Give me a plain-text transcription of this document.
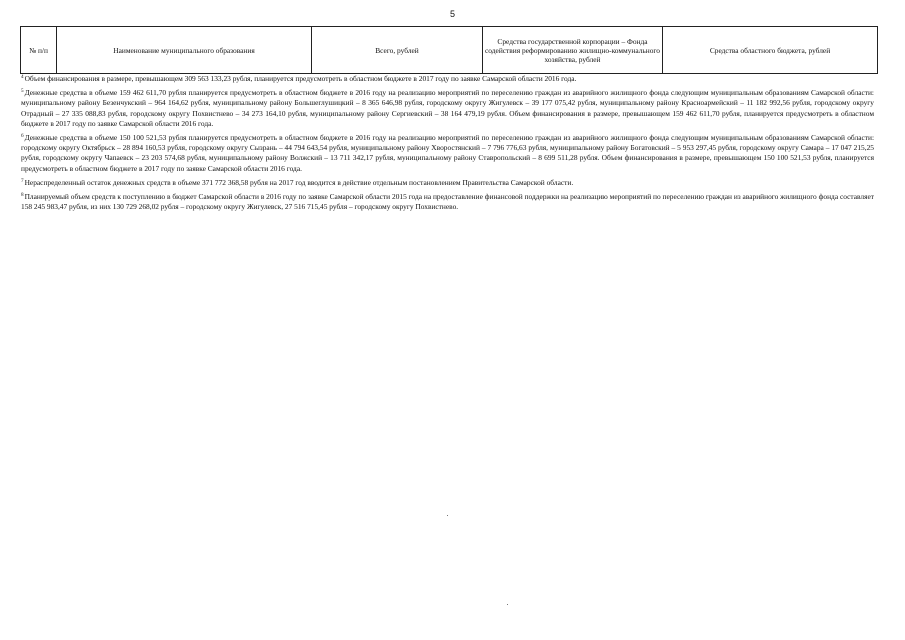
5
№ п/п	Наименование муниципального образования	Всего, рублей	Средства государственной корпорации – Фонда содействия реформированию жилищно-коммунального хозяйства, рублей	Средства областного бюджета, рублей

$^4$Объем финансирования в размере, превышающем 309 563 133,23 рубля, планируется предусмотреть в областном бюджете в 2017 году по заявке Самарской области 2016 года.

$^5$Денежные средства в объеме 159 462 611,70 рубля планируется предусмотреть в областном бюджете в 2016 году на реализацию мероприятий по переселению граждан из аварийного жилищного фонда следующим муниципальным образованиям Самарской области: муниципальному району Безенчукский – 964 164,62 рубля, муниципальному району Большеглушицкий – 8 365 646,98 рубля, городскому округу Жигулевск – 39 177 075,42 рубля, муниципальному району Красноармейский – 11 182 992,56 рубля, городскому округу Отрадный – 27 335 088,83 рубля, городскому округу Похвистнево – 34 273 164,10 рубля, муниципальному району Сергиевский – 38 164 479,19 рубля. Объем финансирования в размере, превышающем 159 462 611,70 рубля, планируется предусмотреть в областном бюджете в 2017 году по заявке Самарской области 2016 года.

$^6$Денежные средства в объеме 150 100 521,53 рубля планируется предусмотреть в областном бюджете в 2016 году на реализацию мероприятий по переселению граждан из аварийного жилищного фонда следующим муниципальным образованиям Самарской области: городскому округу Октябрьск – 28 894 160,53 рубля, городскому округу Сызрань – 44 794 643,54 рубля, муниципальному району Хворостянский – 7 796 776,63 рубля, муниципальному району Богатовский – 5 953 297,45 рубля, городскому округу Самара – 17 047 215,25 рубля, городскому округу Чапаевск – 23 203 574,68 рубля, муниципальному району Волжский – 13 711 342,17 рубля, муниципальному району Ставропольский – 8 699 511,28 рубля. Объем финансирования в размере, превышающем 150 100 521,53 рубля, планируется предусмотреть в областном бюджете в 2017 году по заявке Самарской области 2016 года.

$^7$Нераспределенный остаток денежных средств в объеме 371 772 368,58 рубля на 2017 год вводится в действие отдельным постановлением Правительства Самарской области.

$^8$Планируемый объем средств к поступлению в бюджет Самарской области в 2016 году по заявке Самарской области 2015 года на предоставление финансовой поддержки на реализацию мероприятий по переселению граждан из аварийного жилищного фонда составляет 158 245 983,47 рубля, из них 130 729 268,02 рубля – городскому округу Жигулевск, 27 516 715,45 рубля – городскому округу Похвистнево.
